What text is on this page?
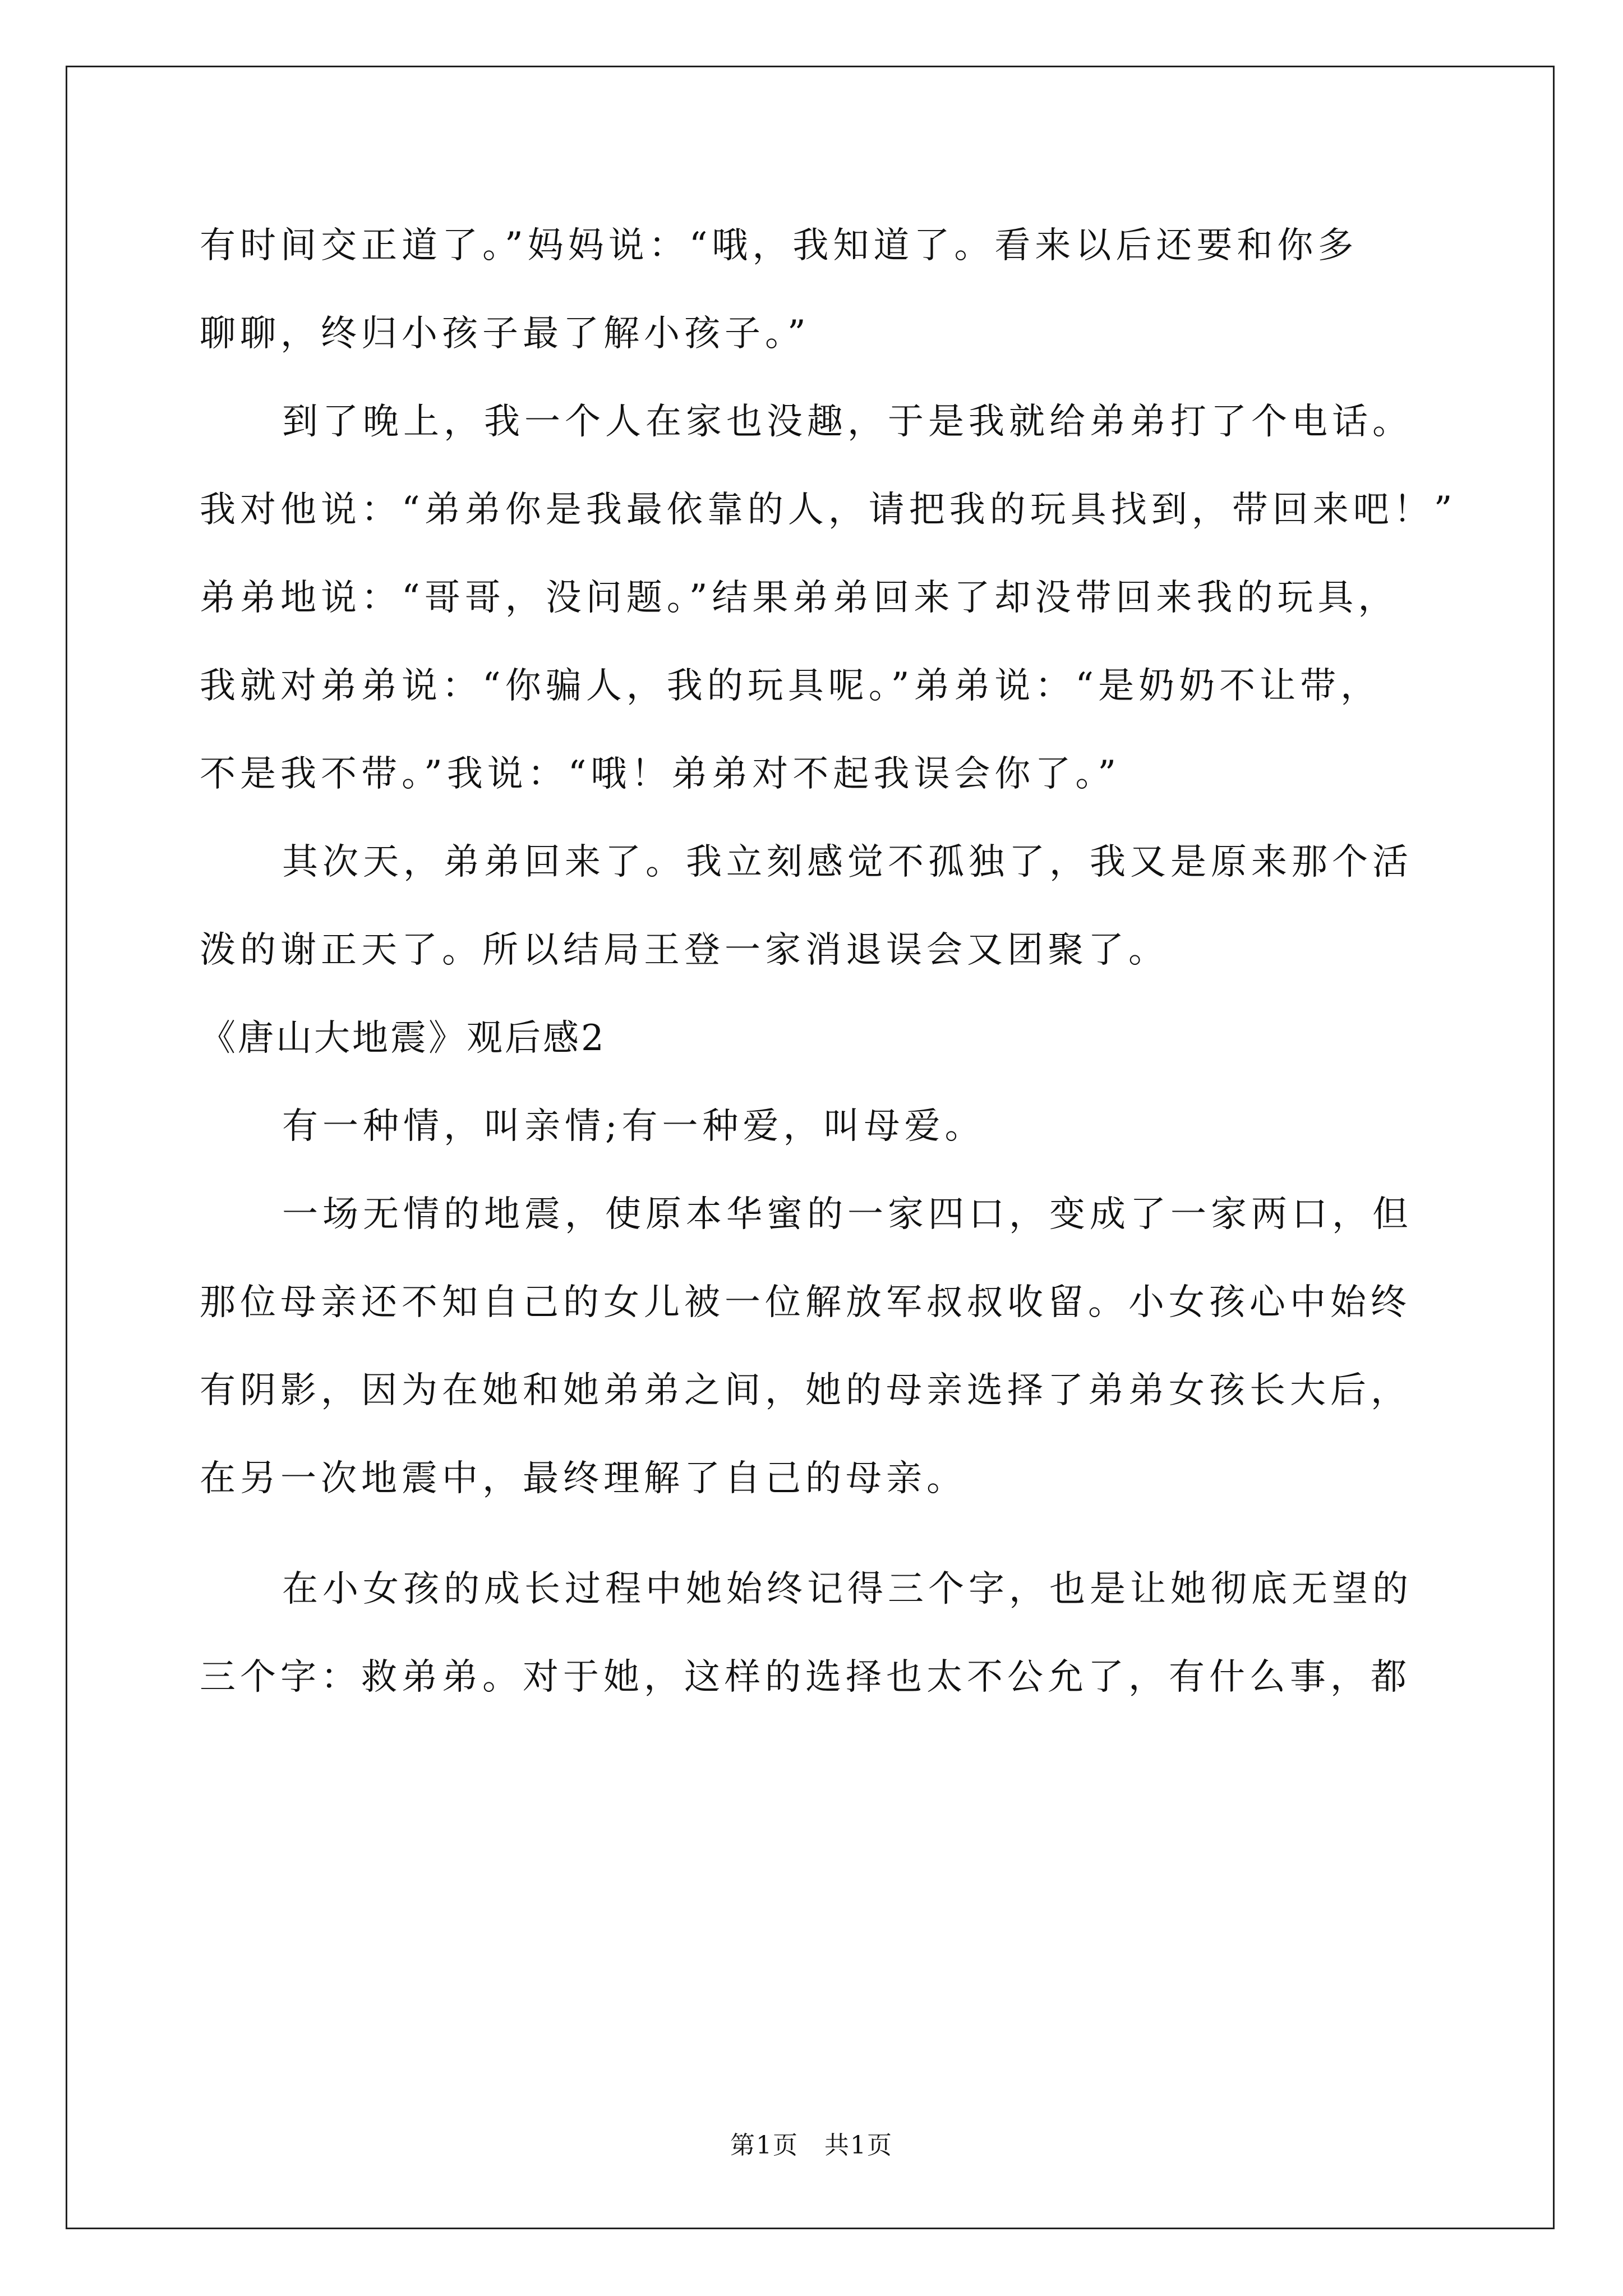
有时间交正道了。”妈妈说：“哦，我知道了。看来以后还要和你多
聊聊，终归小孩子最了解小孩子。”
到了晚上，我一个人在家也没趣，于是我就给弟弟打了个电话。
我对他说：“弟弟你是我最依靠的人，请把我的玩具找到，带回来吧！”
弟弟地说：“哥哥，没问题。”结果弟弟回来了却没带回来我的玩具，
我就对弟弟说：“你骗人，我的玩具呢。”弟弟说：“是奶奶不让带，
不是我不带。”我说：“哦！弟弟对不起我误会你了。”
其次天，弟弟回来了。我立刻感觉不孤独了，我又是原来那个活
泼的谢正天了。所以结局王登一家消退误会又团聚了。
《唐山大地震》观后感2
有一种情，叫亲情;有一种爱，叫母爱。
一场无情的地震，使原本华蜜的一家四口，变成了一家两口，但
那位母亲还不知自己的女儿被一位解放军叔叔收留。小女孩心中始终
有阴影，因为在她和她弟弟之间，她的母亲选择了弟弟女孩长大后，
在另一次地震中，最终理解了自己的母亲。
在小女孩的成长过程中她始终记得三个字，也是让她彻底无望的
三个字：救弟弟。对于她，这样的选择也太不公允了，有什么事，都
第1页 共1页
